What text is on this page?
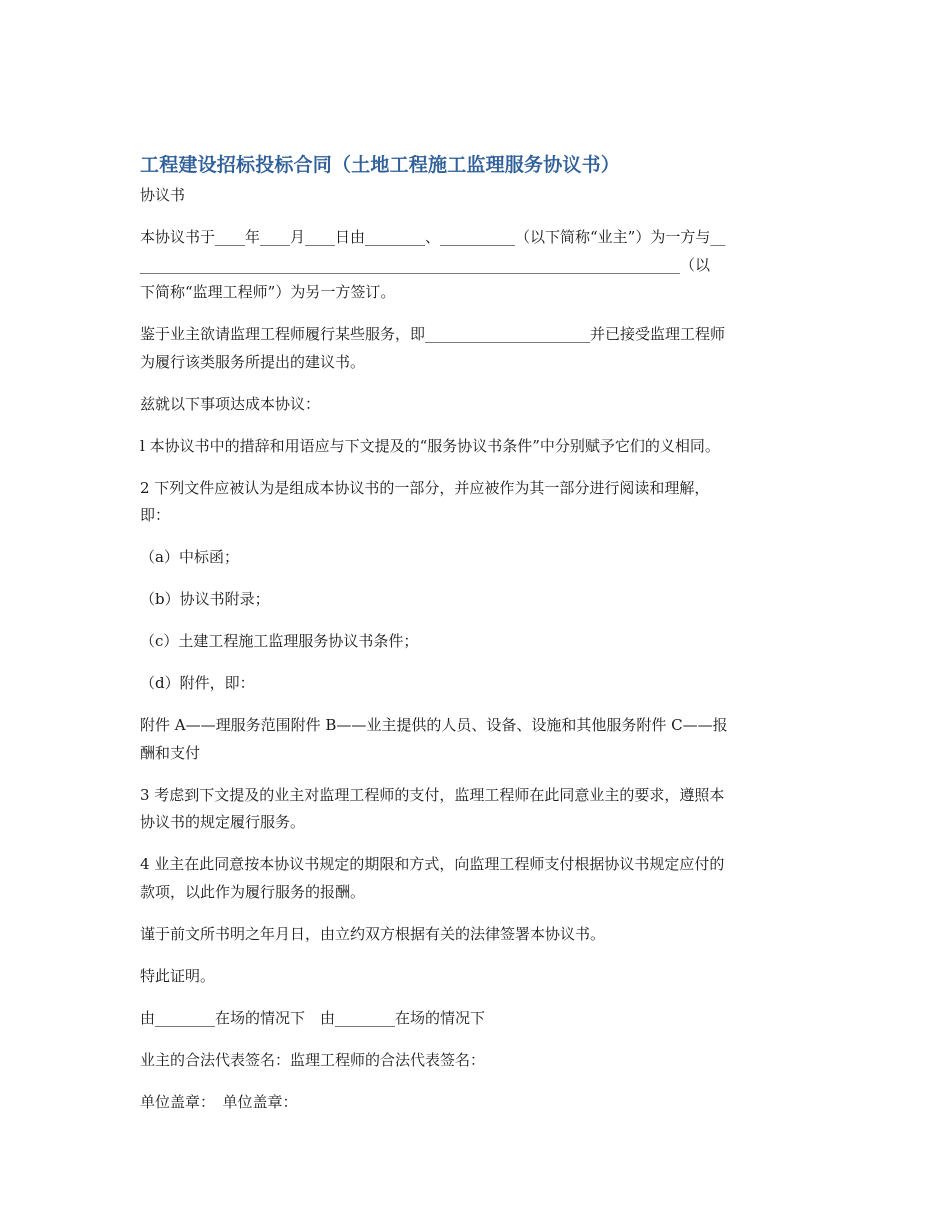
工程建设招标投标合同（土地工程施工监理服务协议书）

协议书

本协议书于____年____月____日由________、__________（以下简称“业主”）为一方与__

________________________________________________________________________（以

下简称“监理工程师”）为另一方签订。

鉴于业主欲请监理工程师履行某些服务，即______________________并已接受监理工程师

为履行该类服务所提出的建议书。

兹就以下事项达成本协议：

l 本协议书中的措辞和用语应与下文提及的“服务协议书条件”中分别赋予它们的义相同。

2 下列文件应被认为是组成本协议书的一部分，并应被作为其一部分进行阅读和理解，

即：

（a）中标函；

（b）协议书附录；

（c）土建工程施工监理服务协议书条件；

（d）附件，即：

附件 A——理服务范围附件 B——业主提供的人员、设备、设施和其他服务附件 C——报

酬和支付

3 考虑到下文提及的业主对监理工程师的支付，监理工程师在此同意业主的要求，遵照本

协议书的规定履行服务。

4 业主在此同意按本协议书规定的期限和方式，向监理工程师支付根据协议书规定应付的

款项，以此作为履行服务的报酬。

谨于前文所书明之年月日，由立约双方根据有关的法律签署本协议书。

特此证明。

由________在场的情况下　由________在场的情况下

业主的合法代表签名：监理工程师的合法代表签名：

单位盖章：　单位盖章：
